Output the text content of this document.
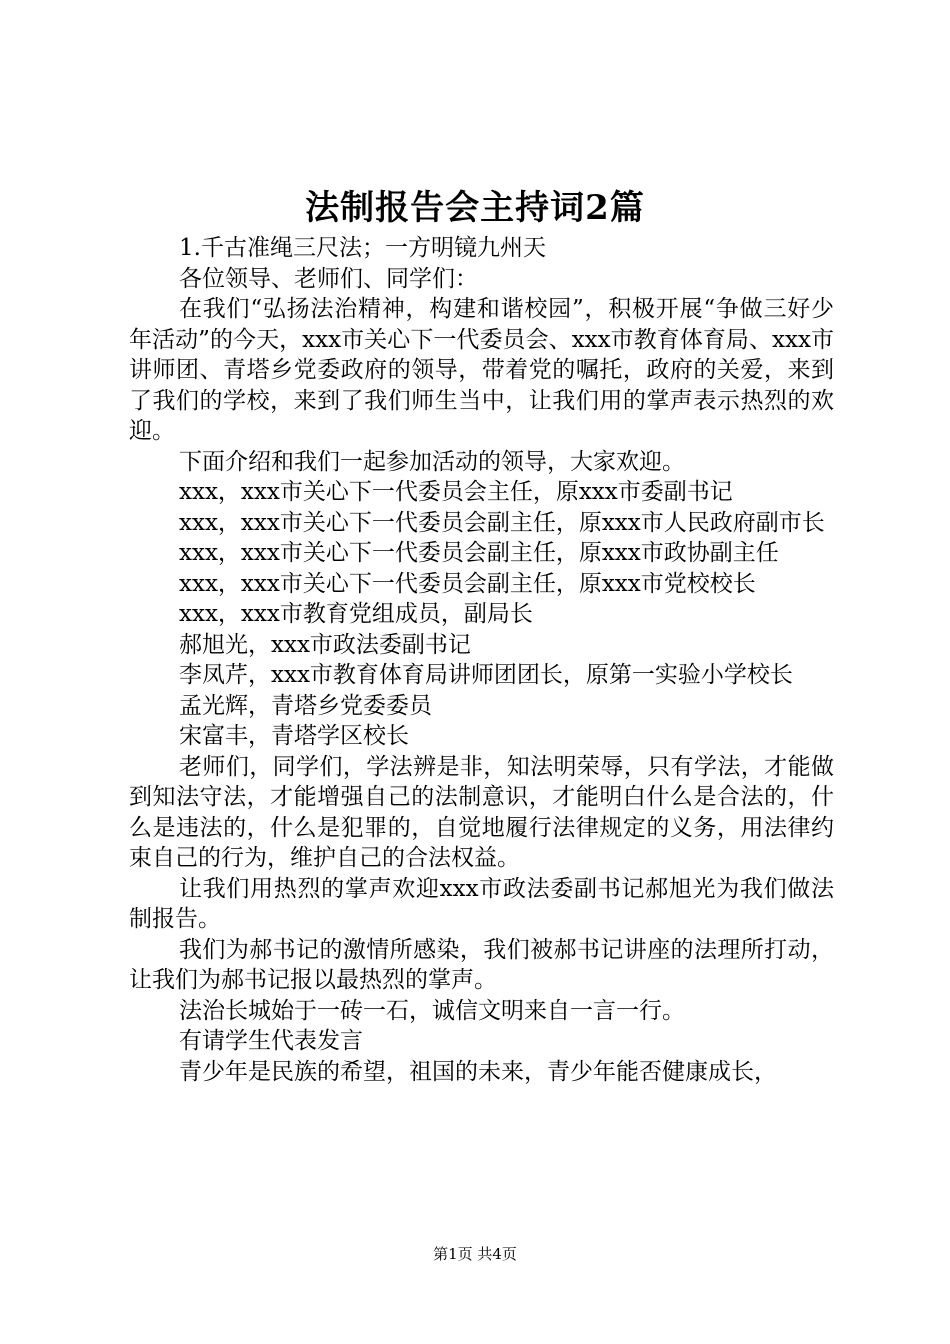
法制报告会主持词2篇

1.千古准绳三尺法；一方明镜九州天

各位领导、老师们、同学们：

在我们“弘扬法治精神，构建和谐校园”，积极开展“争做三好少年活动”的今天，xxx市关心下一代委员会、xxx市教育体育局、xxx市讲师团、青塔乡党委政府的领导，带着党的嘱托，政府的关爱，来到了我们的学校，来到了我们师生当中，让我们用的掌声表示热烈的欢迎。

下面介绍和我们一起参加活动的领导，大家欢迎。

xxx，xxx市关心下一代委员会主任，原xxx市委副书记

xxx，xxx市关心下一代委员会副主任，原xxx市人民政府副市长

xxx，xxx市关心下一代委员会副主任，原xxx市政协副主任

xxx，xxx市关心下一代委员会副主任，原xxx市党校校长

xxx，xxx市教育党组成员，副局长

郝旭光，xxx市政法委副书记

李凤芹，xxx市教育体育局讲师团团长，原第一实验小学校长

孟光辉，青塔乡党委委员

宋富丰，青塔学区校长

老师们，同学们，学法辨是非，知法明荣辱，只有学法，才能做到知法守法，才能增强自己的法制意识，才能明白什么是合法的，什么是违法的，什么是犯罪的，自觉地履行法律规定的义务，用法律约束自己的行为，维护自己的合法权益。

让我们用热烈的掌声欢迎xxx市政法委副书记郝旭光为我们做法制报告。

我们为郝书记的激情所感染，我们被郝书记讲座的法理所打动，让我们为郝书记报以最热烈的掌声。

法治长城始于一砖一石，诚信文明来自一言一行。

有请学生代表发言

青少年是民族的希望，祖国的未来，青少年能否健康成长，

第1页 共4页
